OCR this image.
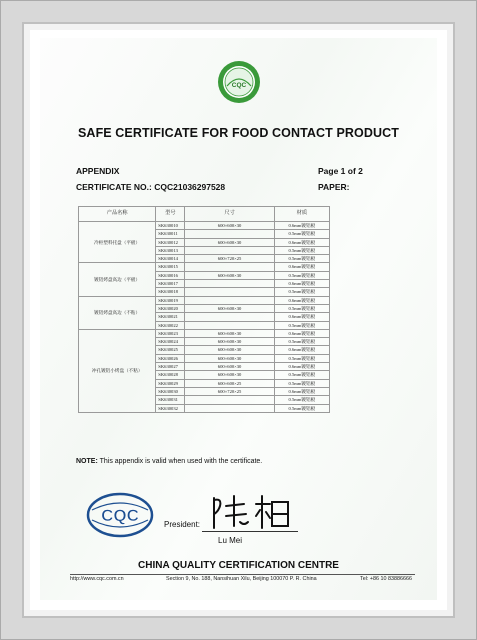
CQC
SAFE CERTIFICATE FOR FOOD CONTACT PRODUCT
APPENDIX	Page 1 of 2
CERTIFICATE NO.: CQC21036297528	PAPER:
产品名称	型号	尺寸	材质
冷柜塑料托盘（平板）	SK630010	600×600×30	0.6mm镀铝板
	SK630011		0.5mm镀铝板
	SK630012	600×600×30	0.6mm镀铝板
	SK630013		0.5mm镀铝板
	SK630014	600×720×25	0.5mm镀铝板
镀铝烤盘高边（平板）	SK630015		0.6mm镀铝板
	SK630016	600×600×30	0.5mm镀铝板
	SK630017		0.6mm镀铝板
	SK630018		0.5mm镀铝板
镀铝烤盘高边（不粘）	SK630019		0.6mm镀铝板
	SK630020	600×600×30	0.5mm镀铝板
	SK630021		0.6mm镀铝板
	SK630022		0.5mm镀铝板
冲孔镀铝小烤盘（不粘）	SK630023	600×600×30	0.6mm镀铝板
	SK630024	600×600×30	0.5mm镀铝板
	SK630025	600×600×30	0.6mm镀铝板
	SK630026	600×600×30	0.5mm镀铝板
	SK630027	600×600×30	0.6mm镀铝板
	SK630028	600×600×30	0.5mm镀铝板
	SK630029	600×600×25	0.5mm镀铝板
	SK630030	600×720×25	0.6mm镀铝板
	SK630031		0.5mm镀铝板
	SK630032		0.5mm镀铝板
NOTE: This appendix is valid when used with the certificate.
CQC	President:
Lu Mei
CHINA QUALITY CERTIFICATION CENTRE
http://www.cqc.com.cn	Section 9, No. 188, Nansihuan Xilu, Beijing 100070 P. R. China	Tel: +86 10 83886666
